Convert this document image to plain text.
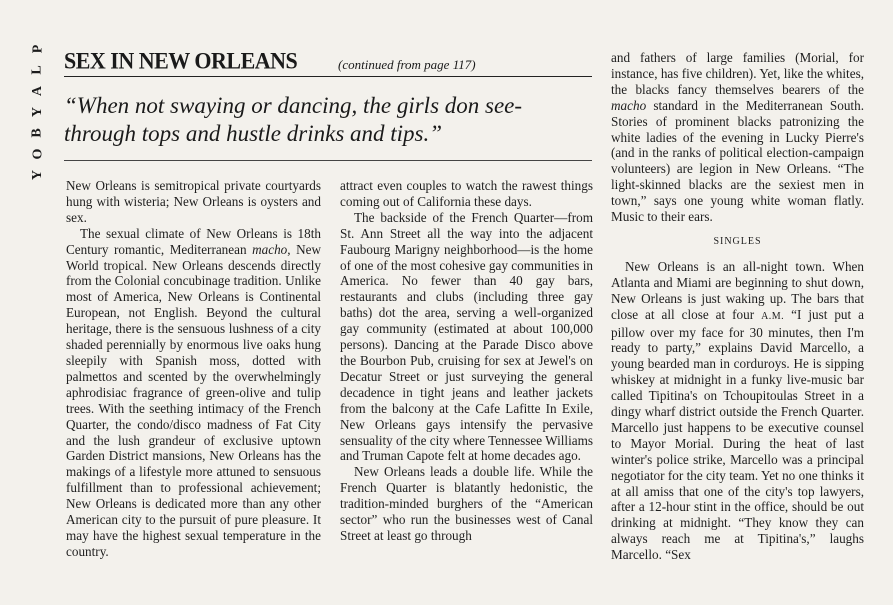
P
L
A
Y
B
O
Y
SEX IN NEW ORLEANS	(continued from page 117)
“When not swaying or dancing, the girls don see-through tops and hustle drinks and tips.”

New Orleans is semitropical private courtyards hung with wisteria; New Orleans is oysters and sex.

The sexual climate of New Orleans is 18th Century romantic, Mediterranean macho, New World tropical. New Orleans descends directly from the Colonial concubinage tradition. Unlike most of America, New Orleans is Continental European, not English. Beyond the cultural heritage, there is the sensuous lushness of a city shaded perennially by enormous live oaks hung sleepily with Spanish moss, dotted with palmettos and scented by the overwhelmingly aphrodisiac fragrance of green-olive and tulip trees. With the seething intimacy of the French Quarter, the condo/disco madness of Fat City and the lush grandeur of exclusive uptown Garden District mansions, New Orleans has the makings of a lifestyle more attuned to sensuous fulfillment than to professional achievement; New Orleans is dedicated more than any other American city to the pursuit of pure pleasure. It may have the highest sexual temperature in the country.

attract even couples to watch the rawest things coming out of California these days.

The backside of the French Quarter—from St. Ann Street all the way into the adjacent Faubourg Marigny neighborhood—is the home of one of the most cohesive gay communities in America. No fewer than 40 gay bars, restaurants and clubs (including three gay baths) dot the area, serving a well-organized gay community (estimated at about 100,000 persons). Dancing at the Parade Disco above the Bourbon Pub, cruising for sex at Jewel's on Decatur Street or just surveying the general decadence in tight jeans and leather jackets from the balcony at the Cafe Lafitte In Exile, New Orleans gays intensify the pervasive sensuality of the city where Tennessee Williams and Truman Capote felt at home decades ago.

New Orleans leads a double life. While the French Quarter is blatantly hedonistic, the tradition-minded burghers of the “American sector” who run the businesses west of Canal Street at least go through

and fathers of large families (Morial, for instance, has five children). Yet, like the whites, the blacks fancy themselves bearers of the macho standard in the Mediterranean South. Stories of prominent blacks patronizing the white ladies of the evening in Lucky Pierre's (and in the ranks of political election-campaign volunteers) are legion in New Orleans. “The light-skinned blacks are the sexiest men in town,” says one young white woman flatly. Music to their ears.

SINGLES

New Orleans is an all-night town. When Atlanta and Miami are beginning to shut down, New Orleans is just waking up. The bars that close at all close at four A.M. “I just put a pillow over my face for 30 minutes, then I'm ready to party,” explains David Marcello, a young bearded man in corduroys. He is sipping whiskey at midnight in a funky live-music bar called Tipitina's on Tchoupitoulas Street in a dingy wharf district outside the French Quarter. Marcello just happens to be executive counsel to Mayor Morial. During the heat of last winter's police strike, Marcello was a principal negotiator for the city team. Yet no one thinks it at all amiss that one of the city's top lawyers, after a 12-hour stint in the office, should be out drinking at midnight. “They know they can always reach me at Tipitina's,” laughs Marcello. “Sex
